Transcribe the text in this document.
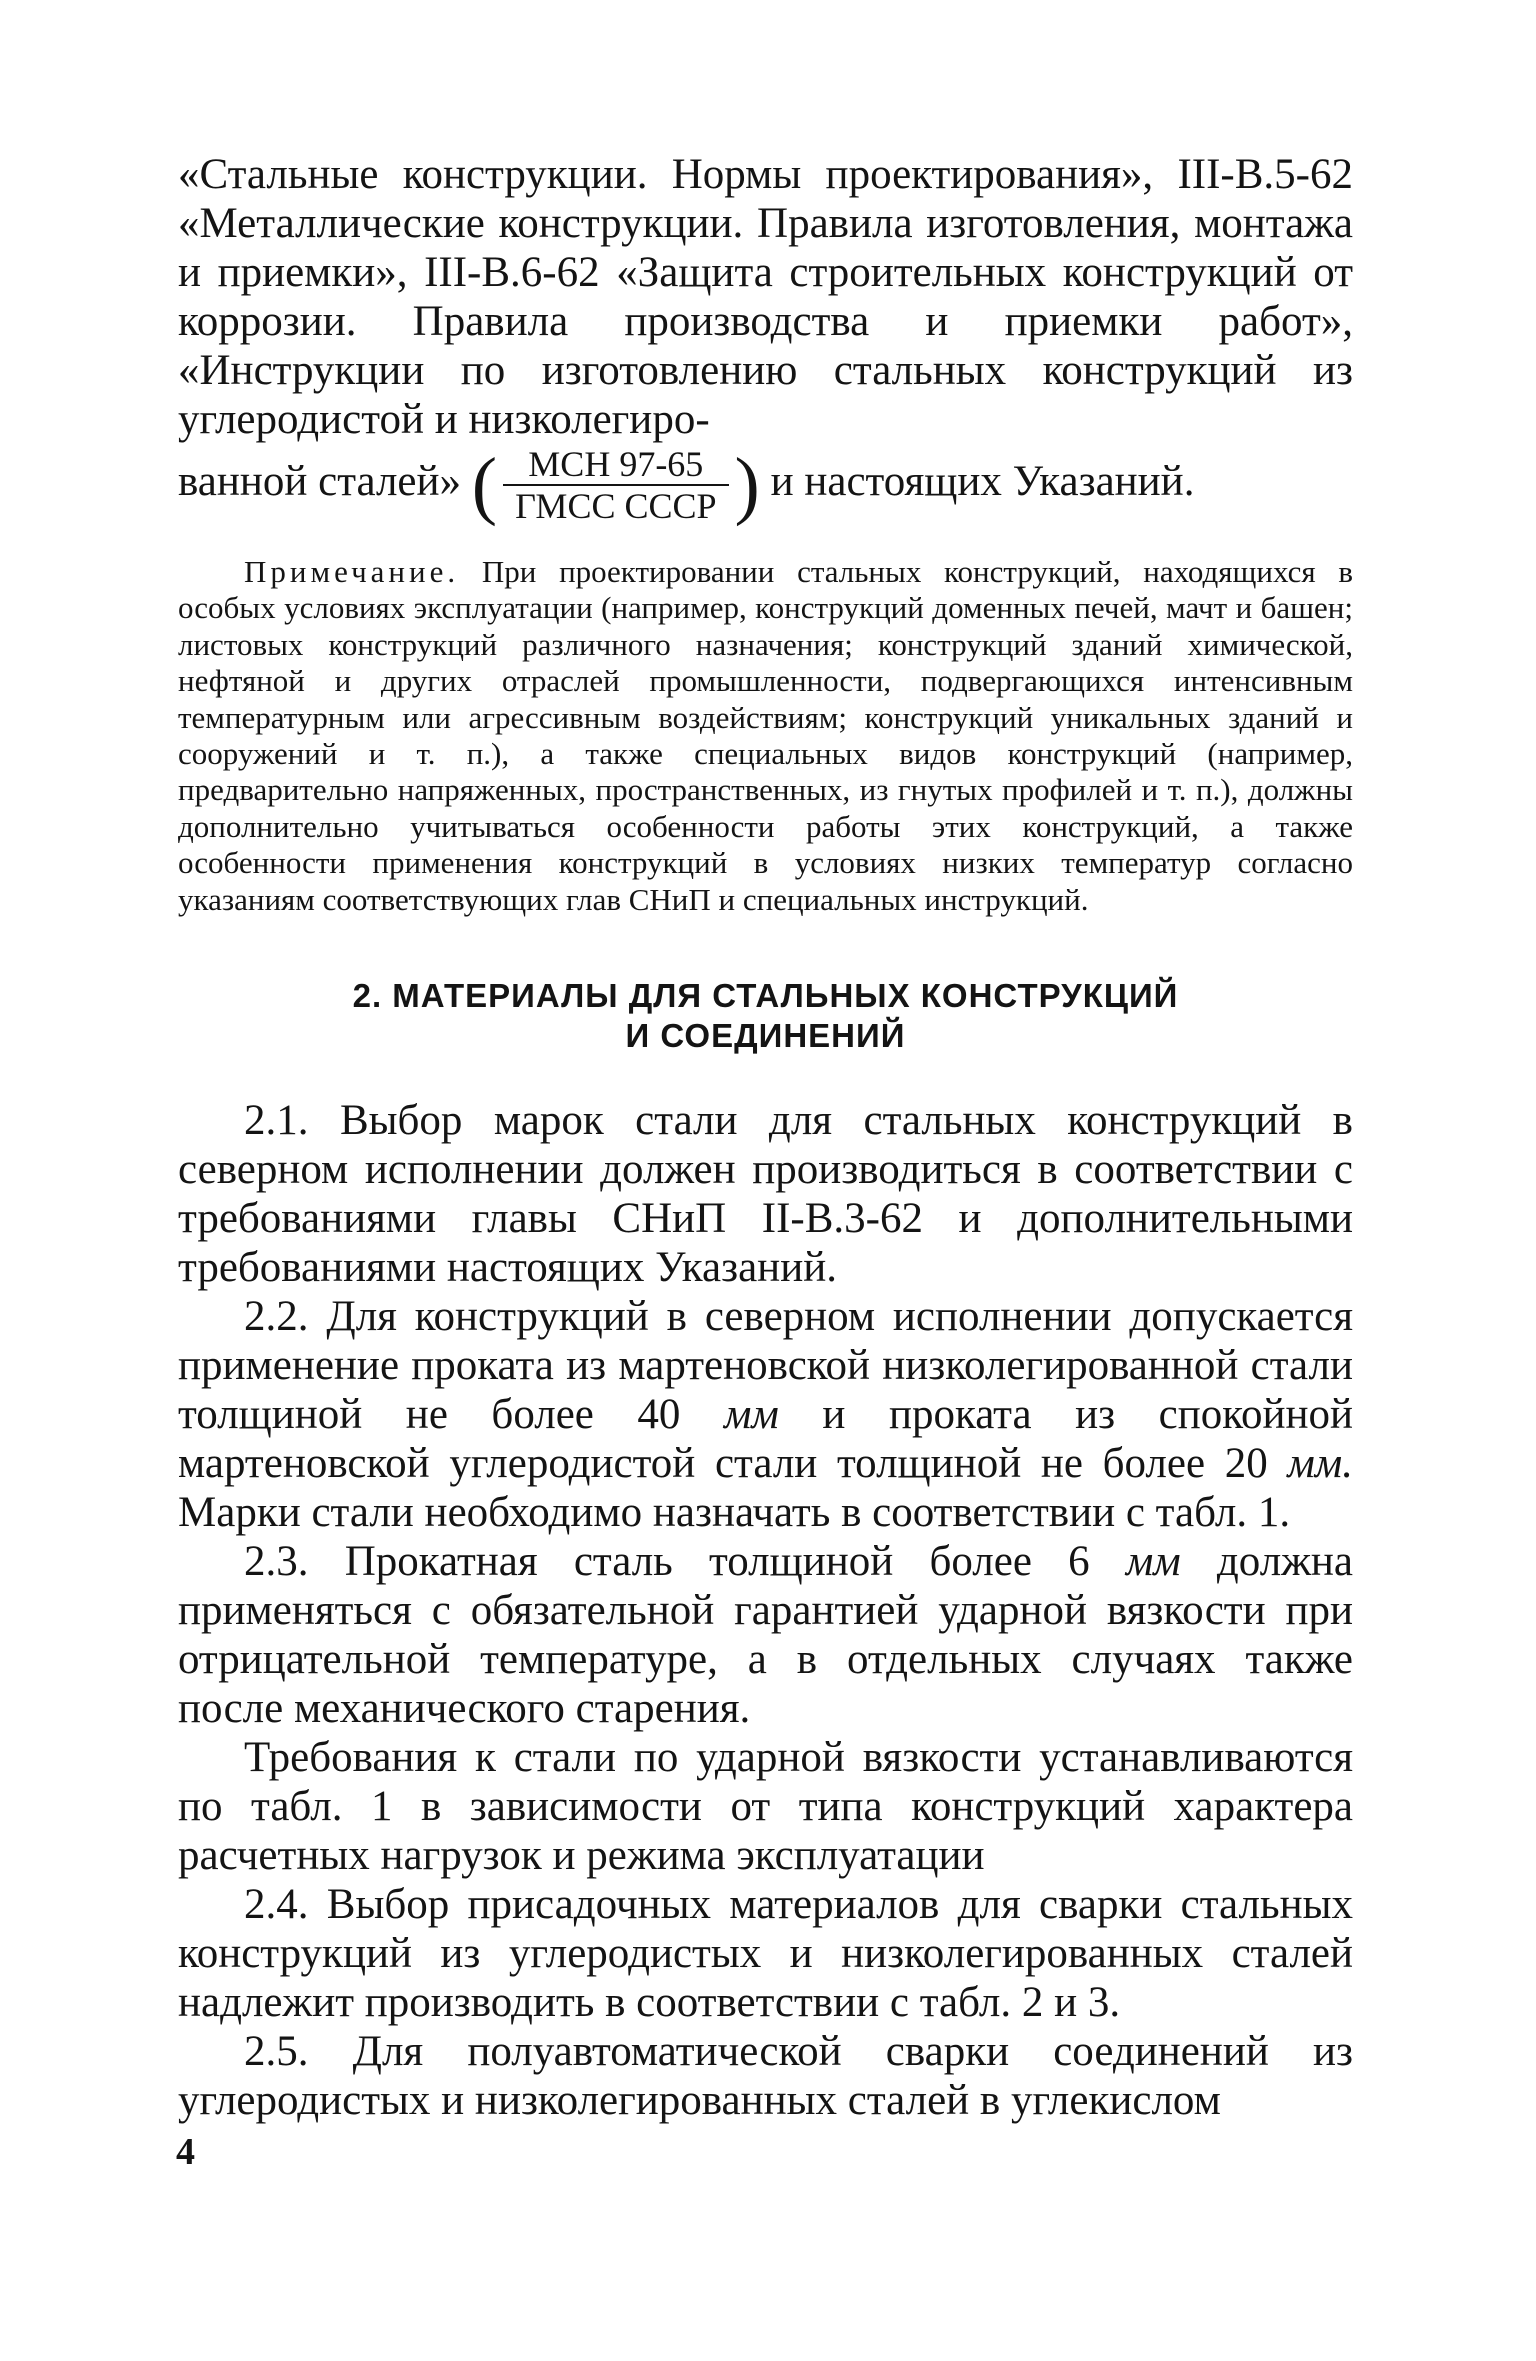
«Стальные конструкции. Нормы проектирования», III-В.5-62 «Металлические конструкции. Правила изготовления, монтажа и приемки», III-В.6-62 «Защита строительных конструкций от коррозии. Правила производства и приемки работ», «Инструкции по изготовлению стальных конструкций из углеродистой и низколегиро-

ванной сталей» ( $\frac{\text{МСН 97-65}}{\text{ГМСС СССР}}$ ) и настоящих Указаний.

Примечание. При проектировании стальных конструкций, находящихся в особых условиях эксплуатации (например, конструкций доменных печей, мачт и башен; листовых конструкций различного назначения; конструкций зданий химической, нефтяной и других отраслей промышленности, подвергающихся интенсивным температурным или агрессивным воздействиям; конструкций уникальных зданий и сооружений и т. п.), а также специальных видов конструкций (например, предварительно напряженных, пространственных, из гнутых профилей и т. п.), должны дополнительно учитываться особенности работы этих конструкций, а также особенности применения конструкций в условиях низких температур согласно указаниям соответствующих глав СНиП и специальных инструкций.

2. МАТЕРИАЛЫ ДЛЯ СТАЛЬНЫХ КОНСТРУКЦИЙ
И СОЕДИНЕНИЙ

2.1. Выбор марок стали для стальных конструкций в северном исполнении должен производиться в соответствии с требованиями главы СНиП II-В.3-62 и дополнительными требованиями настоящих Указаний.

2.2. Для конструкций в северном исполнении допускается применение проката из мартеновской низколегированной стали толщиной не более 40 мм и проката из спокойной мартеновской углеродистой стали толщиной не более 20 мм. Марки стали необходимо назначать в соответствии с табл. 1.

2.3. Прокатная сталь толщиной более 6 мм должна применяться с обязательной гарантией ударной вязкости при отрицательной температуре, а в отдельных случаях также после механического старения.

Требования к стали по ударной вязкости устанавливаются по табл. 1 в зависимости от типа конструкций характера расчетных нагрузок и режима эксплуатации

2.4. Выбор присадочных материалов для сварки стальных конструкций из углеродистых и низколегированных сталей надлежит производить в соответствии с табл. 2 и 3.

2.5. Для полуавтоматической сварки соединений из углеродистых и низколегированных сталей в углекислом

4
